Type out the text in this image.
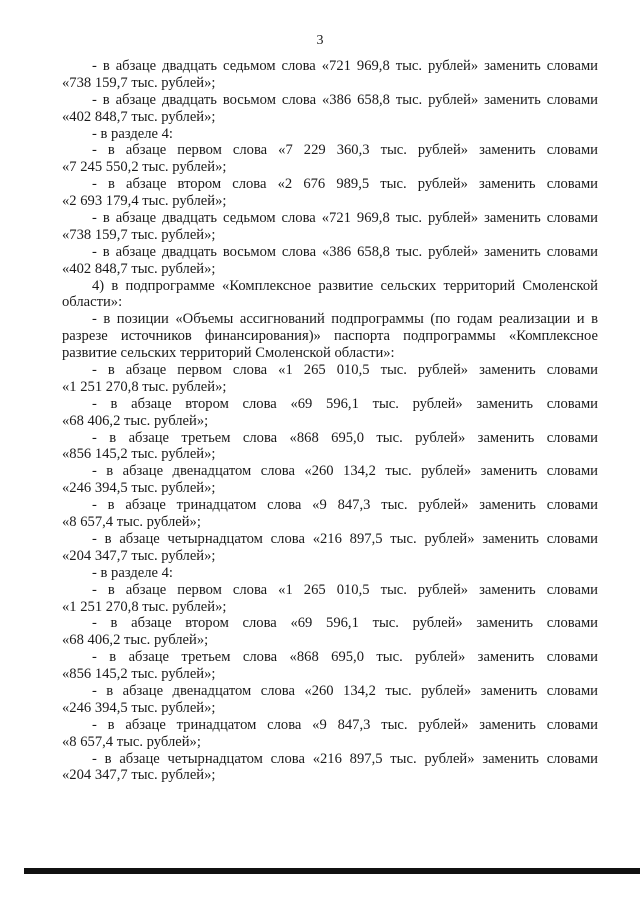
3
- в абзаце двадцать седьмом слова «721 969,8 тыс. рублей» заменить словами
«738 159,7 тыс. рублей»;
- в абзаце двадцать восьмом слова «386 658,8 тыс. рублей» заменить словами
«402 848,7 тыс. рублей»;
- в разделе 4:
- в абзаце первом слова «7 229 360,3 тыс. рублей» заменить словами
«7 245 550,2 тыс. рублей»;
- в абзаце втором слова «2 676 989,5 тыс. рублей» заменить словами
«2 693 179,4 тыс. рублей»;
- в абзаце двадцать седьмом слова «721 969,8 тыс. рублей» заменить словами
«738 159,7 тыс. рублей»;
- в абзаце двадцать восьмом слова «386 658,8 тыс. рублей» заменить словами
«402 848,7 тыс. рублей»;
4) в подпрограмме «Комплексное развитие сельских территорий Смоленской
области»:
- в позиции «Объемы ассигнований подпрограммы (по годам реализации и в
разрезе источников финансирования)» паспорта подпрограммы «Комплексное
развитие сельских территорий Смоленской области»:
- в абзаце первом слова «1 265 010,5 тыс. рублей» заменить словами
«1 251 270,8 тыс. рублей»;
- в абзаце втором слова «69 596,1 тыс. рублей» заменить словами
«68 406,2 тыс. рублей»;
- в абзаце третьем слова «868 695,0 тыс. рублей» заменить словами
«856 145,2 тыс. рублей»;
- в абзаце двенадцатом слова «260 134,2 тыс. рублей» заменить словами
«246 394,5 тыс. рублей»;
- в абзаце тринадцатом слова «9 847,3 тыс. рублей» заменить словами
«8 657,4 тыс. рублей»;
- в абзаце четырнадцатом слова «216 897,5 тыс. рублей» заменить словами
«204 347,7 тыс. рублей»;
- в разделе 4:
- в абзаце первом слова «1 265 010,5 тыс. рублей» заменить словами
«1 251 270,8 тыс. рублей»;
- в абзаце втором слова «69 596,1 тыс. рублей» заменить словами
«68 406,2 тыс. рублей»;
- в абзаце третьем слова «868 695,0 тыс. рублей» заменить словами
«856 145,2 тыс. рублей»;
- в абзаце двенадцатом слова «260 134,2 тыс. рублей» заменить словами
«246 394,5 тыс. рублей»;
- в абзаце тринадцатом слова «9 847,3 тыс. рублей» заменить словами
«8 657,4 тыс. рублей»;
- в абзаце четырнадцатом слова «216 897,5 тыс. рублей» заменить словами
«204 347,7 тыс. рублей»;
